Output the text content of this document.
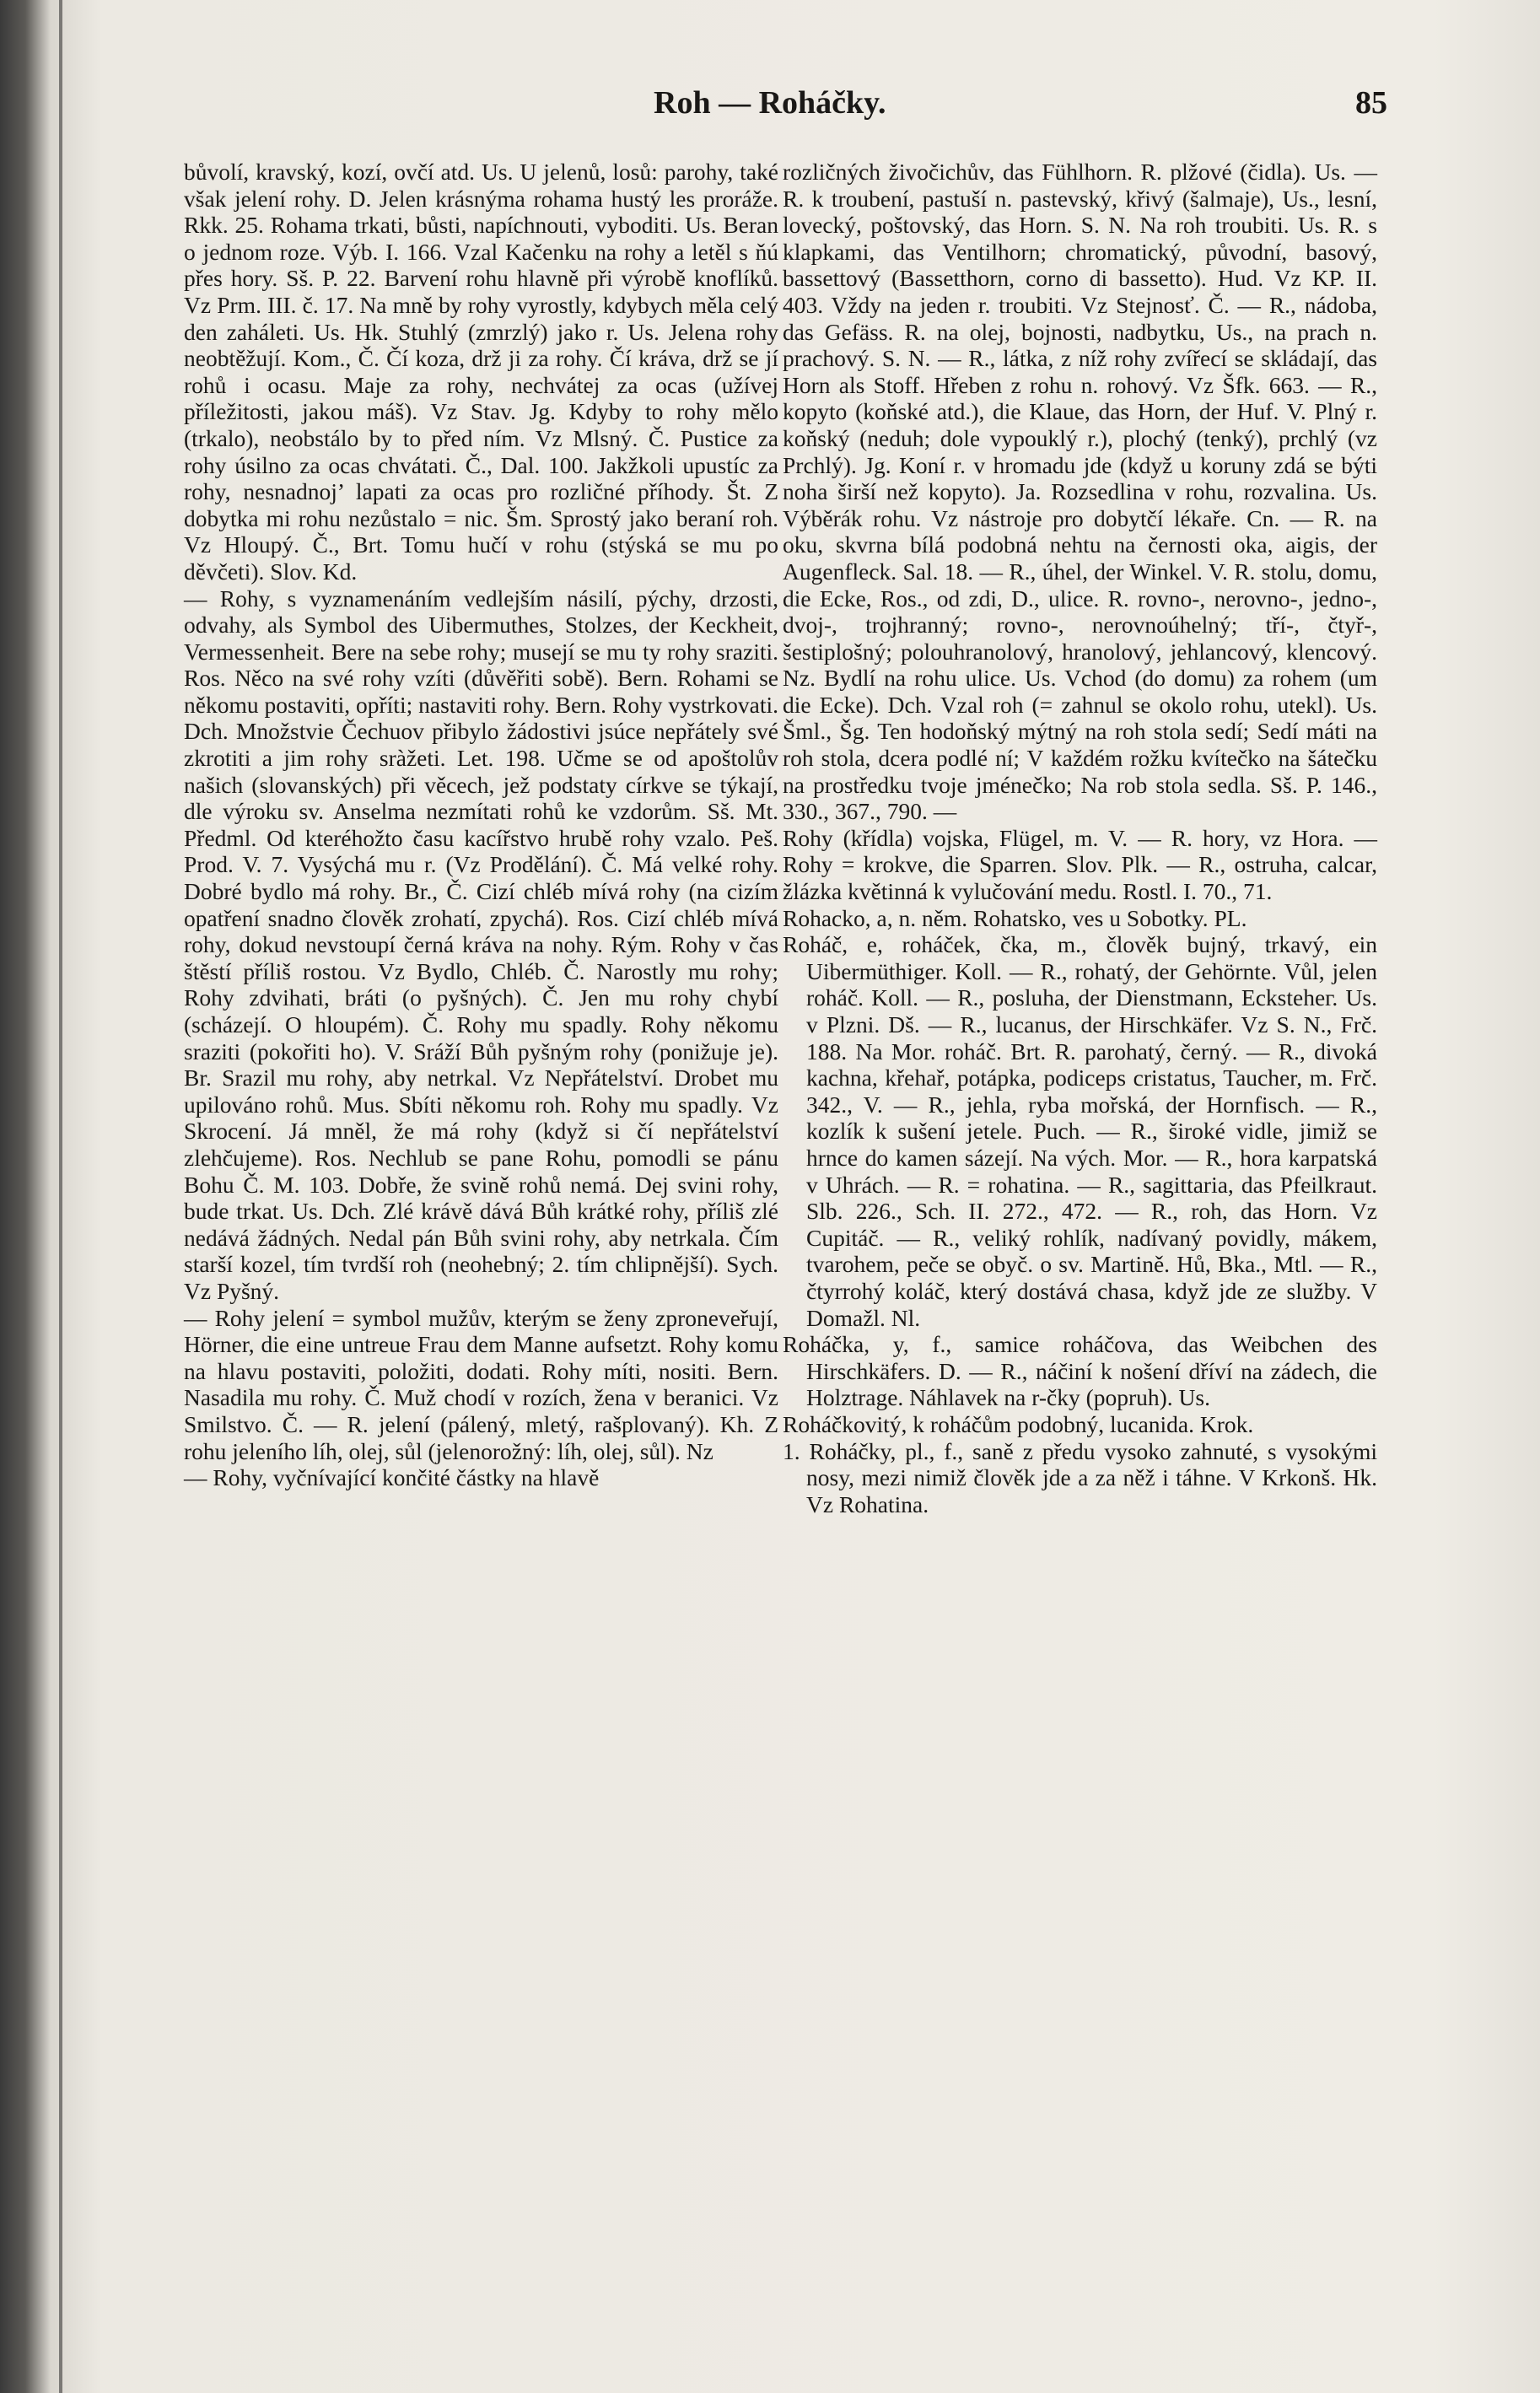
Roh — Roháčky.	85

bůvolí, kravský, kozí, ovčí atd. Us. U jelenů, losů: parohy, také však jelení rohy. D. Jelen krásnýma rohama hustý les proráže. Rkk. 25. Rohama trkati, bůsti, napíchnouti, vyboditi. Us. Beran o jednom roze. Výb. I. 166. Vzal Kačenku na rohy a letěl s ňú přes hory. Sš. P. 22. Barvení rohu hlavně při výrobě knoflíků. Vz Prm. III. č. 17. Na mně by rohy vyrostly, kdybych měla celý den zaháleti. Us. Hk. Stuhlý (zmrzlý) jako r. Us. Jelena rohy neobtěžují. Kom., Č. Čí koza, drž ji za rohy. Čí kráva, drž se jí rohů i ocasu. Maje za rohy, nechvátej za ocas (užívej příležitosti, jakou máš). Vz Stav. Jg. Kdyby to rohy mělo (trkalo), neobstálo by to před ním. Vz Mlsný. Č. Pustice za rohy úsilno za ocas chvátati. Č., Dal. 100. Jakžkoli upustíc za rohy, nesnadnoj’ lapati za ocas pro rozličné příhody. Št. Z dobytka mi rohu nezůstalo = nic. Šm. Sprostý jako beraní roh. Vz Hloupý. Č., Brt. Tomu hučí v rohu (stýská se mu po děvčeti). Slov. Kd.

— Rohy, s vyznamenáním vedlejším násilí, pýchy, drzosti, odvahy, als Symbol des Uibermuthes, Stolzes, der Keckheit, Vermessenheit. Bere na sebe rohy; musejí se mu ty rohy sraziti. Ros. Něco na své rohy vzíti (důvěřiti sobě). Bern. Rohami se někomu postaviti, opříti; nastaviti rohy. Bern. Rohy vystrkovati. Dch. Množstvie Čechuov přibylo žádostivi jsúce nepřátely své zkrotiti a jim rohy sràžeti. Let. 198. Učme se od apoštolův našich (slovanských) při věcech, jež podstaty církve se týkají, dle výroku sv. Anselma nezmítati rohů ke vzdorům. Sš. Mt. Předml. Od kteréhožto času kacířstvo hrubě rohy vzalo. Peš. Prod. V. 7. Vysýchá mu r. (Vz Prodělání). Č. Má velké rohy. Dobré bydlo má rohy. Br., Č. Cizí chléb mívá rohy (na cizím opatření snadno člověk zrohatí, zpychá). Ros. Cizí chléb mívá rohy, dokud nevstoupí černá kráva na nohy. Rým. Rohy v čas štěstí příliš rostou. Vz Bydlo, Chléb. Č. Narostly mu rohy; Rohy zdvihati, bráti (o pyšných). Č. Jen mu rohy chybí (scházejí. O hloupém). Č. Rohy mu spadly. Rohy někomu sraziti (pokořiti ho). V. Sráží Bůh pyšným rohy (ponižuje je). Br. Srazil mu rohy, aby netrkal. Vz Nepřátelství. Drobet mu upilováno rohů. Mus. Sbíti někomu roh. Rohy mu spadly. Vz Skrocení. Já mněl, že má rohy (když si čí nepřátelství zlehčujeme). Ros. Nechlub se pane Rohu, pomodli se pánu Bohu Č. M. 103. Dobře, že svině rohů nemá. Dej svini rohy, bude trkat. Us. Dch. Zlé krávě dává Bůh krátké rohy, příliš zlé nedává žádných. Nedal pán Bůh svini rohy, aby netrkala. Čím starší kozel, tím tvrdší roh (neohebný; 2. tím chlipnější). Sych. Vz Pyšný.

— Rohy jelení = symbol mužův, kterým se ženy zproneveřují, Hörner, die eine untreue Frau dem Manne aufsetzt. Rohy komu na hlavu postaviti, položiti, dodati. Rohy míti, nositi. Bern. Nasadila mu rohy. Č. Muž chodí v rozích, žena v beranici. Vz Smilstvo. Č. — R. jelení (pálený, mletý, rašplovaný). Kh. Z rohu jeleního líh, olej, sůl (jelenorožný: líh, olej, sůl). Nz

— Rohy, vyčnívající končité částky na hlavě

rozličných živočichův, das Fühlhorn. R. plžové (čidla). Us. — R. k troubení, pastuší n. pastevský, křivý (šalmaje), Us., lesní, lovecký, poštovský, das Horn. S. N. Na roh troubiti. Us. R. s klapkami, das Ventilhorn; chromatický, původní, basový, bassettový (Bassetthorn, corno di bassetto). Hud. Vz KP. II. 403. Vždy na jeden r. troubiti. Vz Stejnosť. Č. — R., nádoba, das Gefäss. R. na olej, bojnosti, nadbytku, Us., na prach n. prachový. S. N. — R., látka, z níž rohy zvířecí se skládají, das Horn als Stoff. Hřeben z rohu n. rohový. Vz Šfk. 663. — R., kopyto (koňské atd.), die Klaue, das Horn, der Huf. V. Plný r. koňský (neduh; dole vypouklý r.), plochý (tenký), prchlý (vz Prchlý). Jg. Koní r. v hromadu jde (když u koruny zdá se býti noha širší než kopyto). Ja. Rozsedlina v rohu, rozvalina. Us. Výběrák rohu. Vz nástroje pro dobytčí lékaře. Cn. — R. na oku, skvrna bílá podobná nehtu na černosti oka, aigis, der Augenfleck. Sal. 18. — R., úhel, der Winkel. V. R. stolu, domu, die Ecke, Ros., od zdi, D., ulice. R. rovno-, nerovno-, jedno-, dvoj-, trojhranný; rovno-, nerovnoúhelný; tří-, čtyř-, šestiplošný; polouhranolový, hranolový, jehlancový, klencový. Nz. Bydlí na rohu ulice. Us. Vchod (do domu) za rohem (um die Ecke). Dch. Vzal roh (= zahnul se okolo rohu, utekl). Us. Šml., Šg. Ten hodoňský mýtný na roh stola sedí; Sedí máti na roh stola, dcera podlé ní; V každém rožku kvítečko na šátečku na prostředku tvoje jménečko; Na rob stola sedla. Sš. P. 146., 330., 367., 790. —

Rohy (křídla) vojska, Flügel, m. V. — R. hory, vz Hora. — Rohy = krokve, die Sparren. Slov. Plk. — R., ostruha, calcar, žlázka květinná k vylučování medu. Rostl. I. 70., 71.

Rohacko, a, n. něm. Rohatsko, ves u Sobotky. PL.

Roháč, e, roháček, čka, m., člověk bujný, trkavý, ein Uibermüthiger. Koll. — R., rohatý, der Gehörnte. Vůl, jelen roháč. Koll. — R., posluha, der Dienstmann, Eckstehег. Us. v Plzni. Dš. — R., lucanus, der Hirschkäfer. Vz S. N., Frč. 188. Na Mor. roháč. Brt. R. parohatý, černý. — R., divoká kachna, křehař, potápka, podiceps cristatus, Taucher, m. Frč. 342., V. — R., jehla, ryba mořská, der Hornfisch. — R., kozlík k sušení jetele. Puch. — R., široké vidle, jimiž se hrnce do kamen sázejí. Na vých. Mor. — R., hora karpatská v Uhrách. — R. = rohatina. — R., sagittaria, das Pfeilkraut. Slb. 226., Sch. II. 272., 472. — R., roh, das Horn. Vz Cupitáč. — R., veliký rohlík, nadívaný povidly, mákem, tvarohem, peče se obyč. o sv. Martině. Hů, Bka., Mtl. — R., čtyrrohý koláč, který dostává chasa, když jde ze služby. V Domažl. Nl.

Roháčka, y, f., samice roháčova, das Weibchen des Hirschkäfers. D. — R., náčiní k nošení dříví na zádech, die Holztrage. Náhlavek na r-čky (popruh). Us.

Roháčkovitý, k roháčům podobný, lucanida. Krok.

1. Roháčky, pl., f., saně z předu vysoko zahnuté, s vysokými nosy, mezi nimiž člověk jde a za něž i táhne. V Krkonš. Hk. Vz Rohatina.
